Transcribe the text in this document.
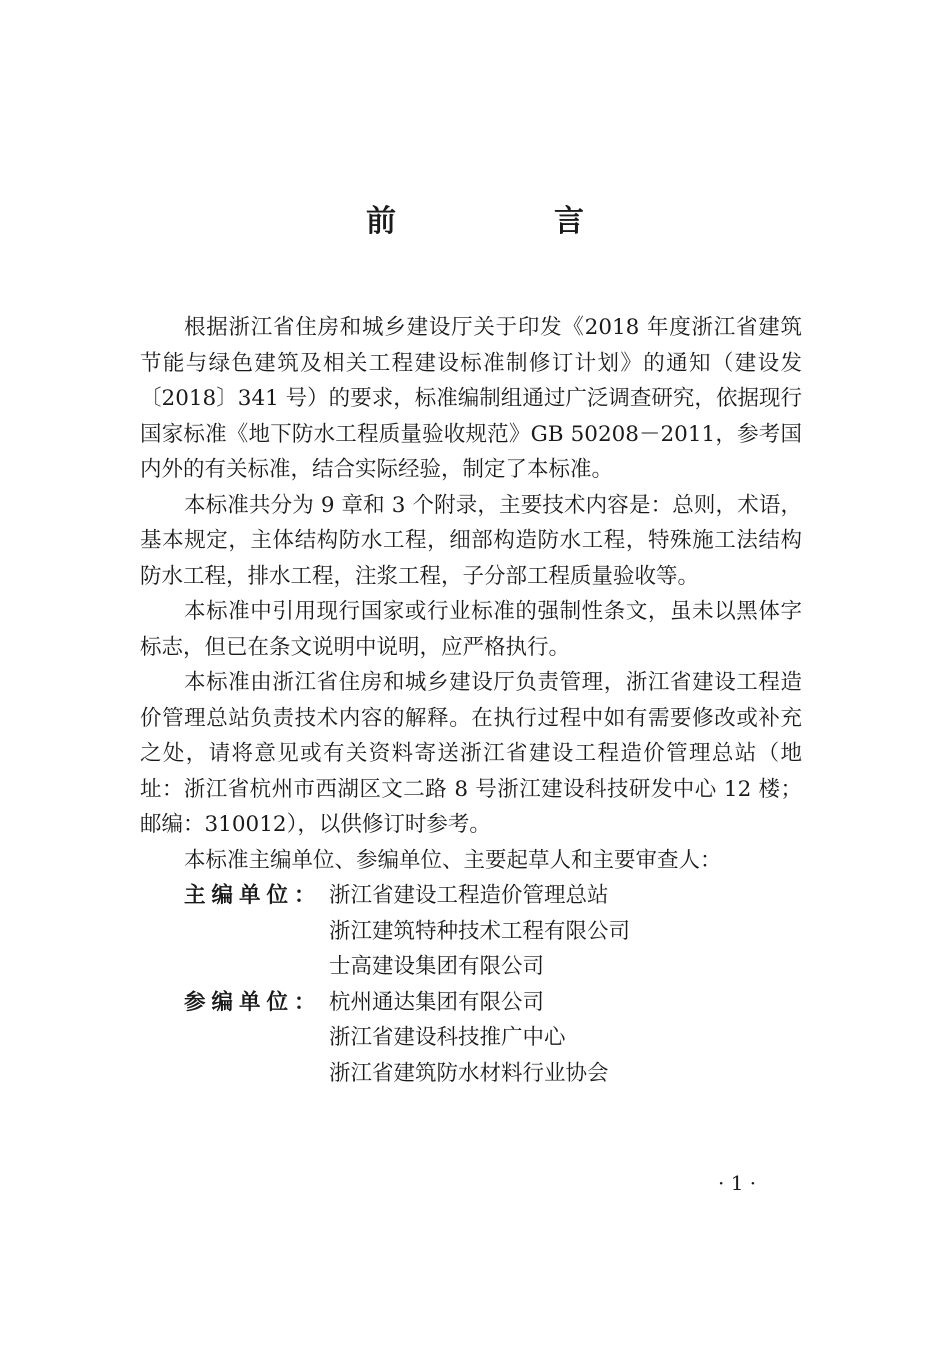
前　言

根据浙江省住房和城乡建设厅关于印发《2018 年度浙江省建筑节能与绿色建筑及相关工程建设标准制修订计划》的通知（建设发〔2018〕341 号）的要求，标准编制组通过广泛调查研究，依据现行国家标准《地下防水工程质量验收规范》GB 50208－2011，参考国内外的有关标准，结合实际经验，制定了本标准。

本标准共分为 9 章和 3 个附录，主要技术内容是：总则，术语，基本规定，主体结构防水工程，细部构造防水工程，特殊施工法结构防水工程，排水工程，注浆工程，子分部工程质量验收等。

本标准中引用现行国家或行业标准的强制性条文，虽未以黑体字标志，但已在条文说明中说明，应严格执行。

本标准由浙江省住房和城乡建设厅负责管理，浙江省建设工程造价管理总站负责技术内容的解释。在执行过程中如有需要修改或补充之处，请将意见或有关资料寄送浙江省建设工程造价管理总站（地址：浙江省杭州市西湖区文二路 8 号浙江建设科技研发中心 12 楼；邮编：310012），以供修订时参考。

本标准主编单位、参编单位、主要起草人和主要审查人：

主编单位： 浙江省建设工程造价管理总站
浙江建筑特种技术工程有限公司
士高建设集团有限公司
参编单位： 杭州通达集团有限公司
浙江省建设科技推广中心
浙江省建筑防水材料行业协会
· 1 ·
